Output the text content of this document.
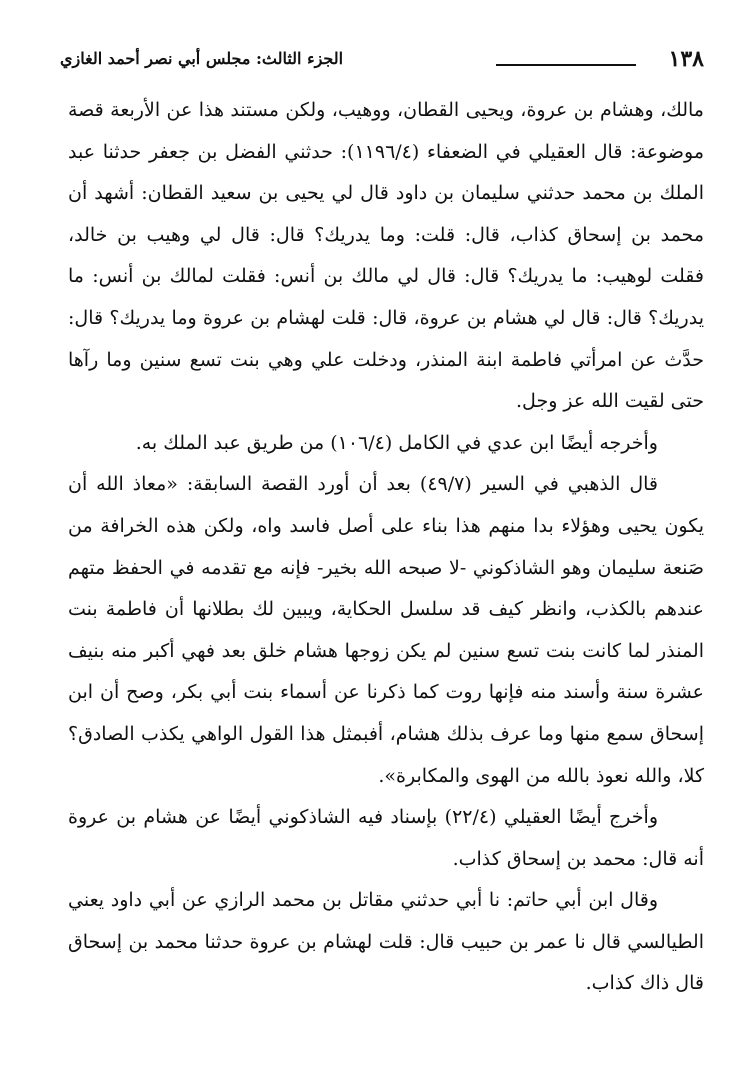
١٣٨
الجزء الثالث: مجلس أبي نصر أحمد الغازي

مالك، وهشام بن عروة، ويحيى القطان، ووهيب، ولكن مستند هذا عن الأربعة قصة موضوعة: قال العقيلي في الضعفاء (١١٩٦/٤): حدثني الفضل بن جعفر حدثنا عبد الملك بن محمد حدثني سليمان بن داود قال لي يحيى بن سعيد القطان: أشهد أن محمد بن إسحاق كذاب، قال: قلت: وما يدريك؟ قال: قال لي وهيب بن خالد، فقلت لوهيب: ما يدريك؟ قال: قال لي مالك بن أنس: فقلت لمالك بن أنس: ما يدريك؟ قال: قال لي هشام بن عروة، قال: قلت لهشام بن عروة وما يدريك؟ قال: حدَّث عن امرأتي فاطمة ابنة المنذر، ودخلت علي وهي بنت تسع سنين وما رآها حتى لقيت الله عز وجل.

وأخرجه أيضًا ابن عدي في الكامل (١٠٦/٤) من طريق عبد الملك به.

قال الذهبي في السير (٤٩/٧) بعد أن أورد القصة السابقة: «معاذ الله أن يكون يحيى وهؤلاء بدا منهم هذا بناء على أصل فاسد واه، ولكن هذه الخرافة من صَنعة سليمان وهو الشاذكوني -لا صبحه الله بخير- فإنه مع تقدمه في الحفظ متهم عندهم بالكذب، وانظر كيف قد سلسل الحكاية، ويبين لك بطلانها أن فاطمة بنت المنذر لما كانت بنت تسع سنين لم يكن زوجها هشام خلق بعد فهي أكبر منه بنيف عشرة سنة وأسند منه فإنها روت كما ذكرنا عن أسماء بنت أبي بكر، وصح أن ابن إسحاق سمع منها وما عرف بذلك هشام، أفبمثل هذا القول الواهي يكذب الصادق؟ كلا، والله نعوذ بالله من الهوى والمكابرة».

وأخرج أيضًا العقيلي (٢٢/٤) بإسناد فيه الشاذكوني أيضًا عن هشام بن عروة أنه قال: محمد بن إسحاق كذاب.

وقال ابن أبي حاتم: نا أبي حدثني مقاتل بن محمد الرازي عن أبي داود يعني الطيالسي قال نا عمر بن حبيب قال: قلت لهشام بن عروة حدثنا محمد بن إسحاق قال ذاك كذاب.
